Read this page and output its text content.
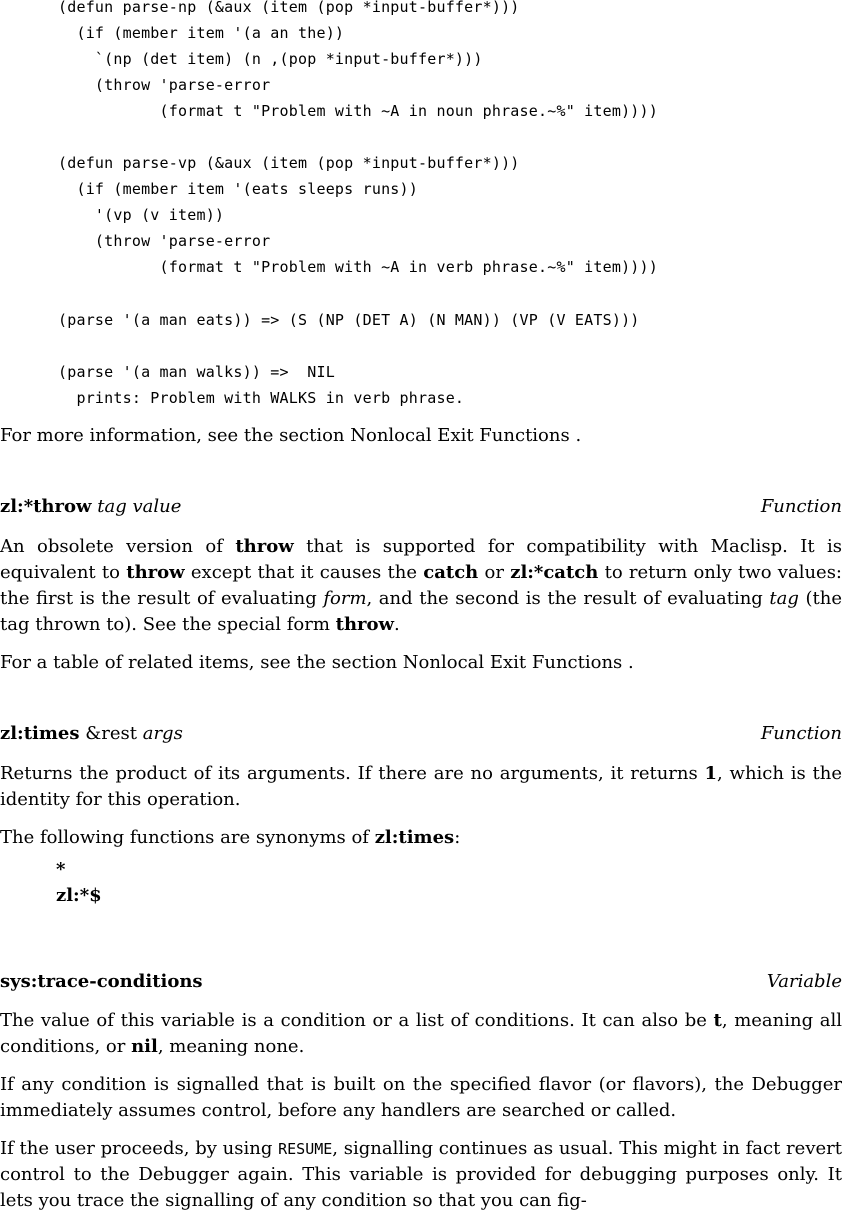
(defun parse-np (&aux (item (pop *input-buffer*)))
(if (member item '(a an the))
`(np (det item) (n ,(pop *input-buffer*)))
(throw 'parse-error
(format t "Problem with ~A in noun phrase.~%" item))))
(defun parse-vp (&aux (item (pop *input-buffer*)))
(if (member item '(eats sleeps runs))
'(vp (v item))
(throw 'parse-error
(format t "Problem with ~A in verb phrase.~%" item))))
(parse '(a man eats)) => (S (NP (DET A) (N MAN)) (VP (V EATS)))
(parse '(a man walks)) =>  NIL
prints: Problem with WALKS in verb phrase.
For more information, see the section Nonlocal Exit Functions .
zl:*throw tag value	Function
An obsolete version of throw that is supported for compatibility with Maclisp. It is equivalent to throw except that it causes the catch or zl:*catch to return only two values: the first is the result of evaluating form, and the second is the result of evaluating tag (the tag thrown to). See the special form throw.
For a table of related items, see the section Nonlocal Exit Functions .
zl:times &rest args	Function
Returns the product of its arguments. If there are no arguments, it returns 1, which is the identity for this operation.
The following functions are synonyms of zl:times:
*
zl:*$
sys:trace-conditions	Variable
The value of this variable is a condition or a list of conditions. It can also be t, meaning all conditions, or nil, meaning none.
If any condition is signalled that is built on the specified flavor (or flavors), the Debugger immediately assumes control, before any handlers are searched or called.
If the user proceeds, by using RESUME, signalling continues as usual. This might in fact revert control to the Debugger again. This variable is provided for debugging purposes only. It lets you trace the signalling of any condition so that you can fig-
